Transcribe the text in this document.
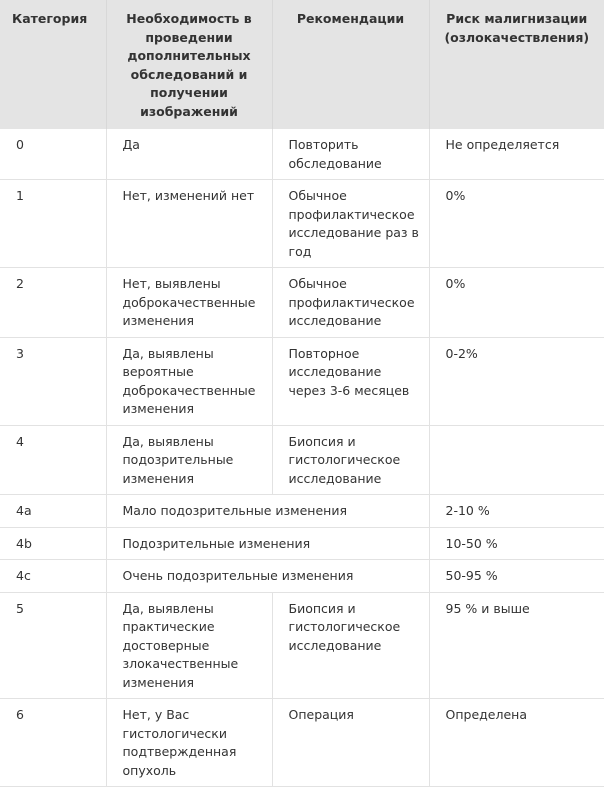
Категория	Необходимость в проведении дополнительных обследований и получении изображений	Рекомендации	Риск малигнизации (озлокачествления)
0	Да	Повторить обследование	Не определяется
1	Нет, изменений нет	Обычное профилактическое исследование раз в год	0%
2	Нет, выявлены доброкачественные изменения	Обычное профилактическое исследование	0%
3	Да, выявлены вероятные доброкачественные изменения	Повторное исследование через 3-6 месяцев	0-2%
4	Да, выявлены подозрительные изменения	Биопсия и гистологическое исследование	
4a	Мало подозрительные изменения		2-10 %
4b	Подозрительные изменения		10-50 %
4c	Очень подозрительные изменения		50-95 %
5	Да, выявлены практические достоверные злокачественные изменения	Биопсия и гистологическое исследование	95 % и выше
6	Нет, у Вас гистологически подтвержденная опухоль	Операция	Определена
